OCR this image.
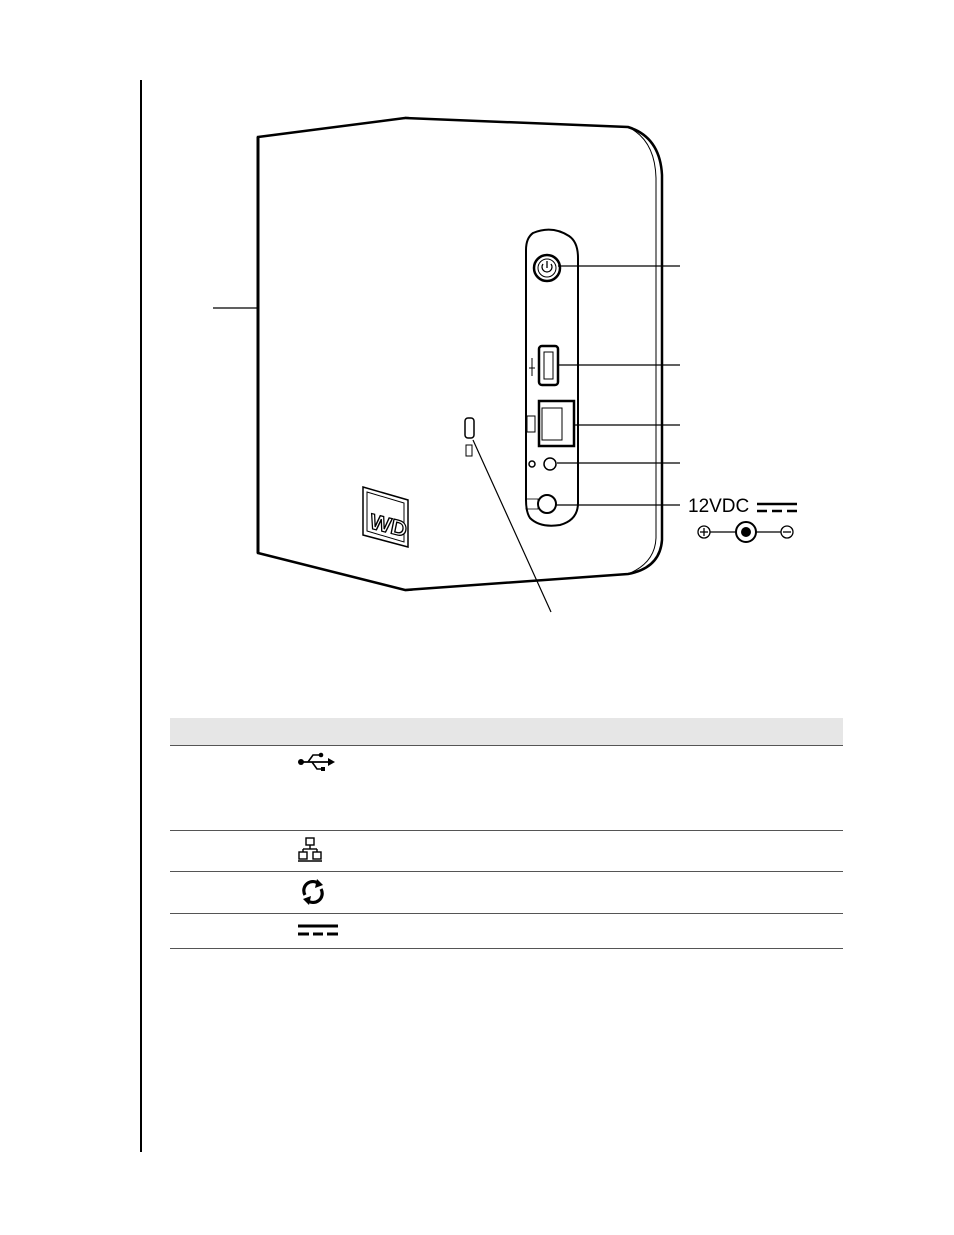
WD
12VDC
